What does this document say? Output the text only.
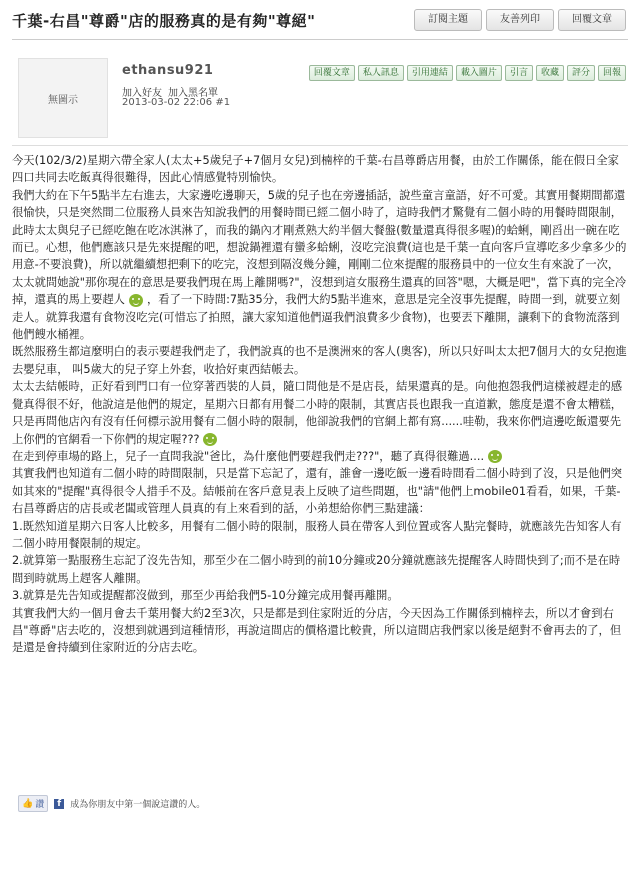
千葉-右昌"尊爵"店的服務真的是有夠"尊絕"	訂閱主題	友善列印	回覆文章
無圖示
ethansu921
加入好友 加入黑名單
2013-03-02 22:06 #1
回覆文章	私人訊息	引用連結	載入圖片	引言	收藏	評分	回報

今天(102/3/2)星期六帶全家人(太太+5歲兒子+7個月女兒)到楠梓的千葉-右昌尊爵店用餐，由於工作關係，能在假日全家四口共同去吃飯真得很難得，因此心情感覺特別愉快。

我們大約在下午5點半左右進去，大家邊吃邊聊天，5歲的兒子也在旁邊插話，說些童言童語，好不可愛。其實用餐期間都還很愉快，只是突然間二位服務人員來告知說我們的用餐時間已經二個小時了，這時我們才驚覺有二個小時的用餐時間限制，此時太太與兒子已經吃飽在吃冰淇淋了，而我的鍋內才剛煮熟大約半個大餐盤(數量還真得很多喔)的蛤蜊，剛舀出一碗在吃而已。心想，他們應該只是先來提醒的吧，想說鍋裡還有蠻多蛤蜊，沒吃完浪費(這也是千葉一直向客戶宣導吃多少拿多少的用意-不要浪費)，所以就繼續想把剩下的吃完，沒想到隔沒幾分鐘，剛剛二位來提醒的服務員中的一位女生有來說了一次，太太就問她說"那你現在的意思是要我們現在馬上離開嗎?"，沒想到這女服務生還真的回答"嗯，大概是吧"，當下真的完全冷掉，還真的馬上要趕人 ，看了一下時間:7點35分，我們大約5點半進來，意思是完全沒事先提醒，時間一到，就要立刻走人。就算我還有食物沒吃完(可惜忘了拍照，讓大家知道他們逼我們浪費多少食物)，也要丟下離開，讓剩下的食物流落到他們餿水桶裡。

既然服務生都這麼明白的表示要趕我們走了，我們說真的也不是澳洲來的客人(奧客)，所以只好叫太太把7個月大的女兒抱進去嬰兒車， 叫5歲大的兒子穿上外套，收拾好東西結帳去。

太太去結帳時，正好看到門口有一位穿著西裝的人員，隨口問他是不是店長，結果還真的是。向他抱怨我們這樣被趕走的感覺真得很不好，他說這是他們的規定，星期六日都有用餐二小時的限制，其實店長也跟我一直道歉，態度是還不會太糟糕，只是再問他店內有沒有任何標示說用餐有二個小時的限制，他卻說我們的官網上都有寫......哇勒，我來你們這邊吃飯還要先上你們的官網看一下你們的規定喔???

在走到停車場的路上，兒子一直問我說"爸比，為什麼他們要趕我們走???"，聽了真得很難過....

其實我們也知道有二個小時的時間限制，只是當下忘記了，還有，誰會一邊吃飯一邊看時間看二個小時到了沒，只是他們突如其來的"提醒"真得很令人措手不及。結帳前在客戶意見表上反映了這些問題，也"請"他們上mobile01看看，如果，千葉-右昌尊爵店的店長或老闆或管理人員真的有上來看到的話，小弟想給你們三點建議：

1.既然知道星期六日客人比較多，用餐有二個小時的限制，服務人員在帶客人到位置或客人點完餐時，就應該先告知客人有二個小時用餐限制的規定。

2.就算第一點服務生忘記了沒先告知，那至少在二個小時到的前10分鐘或20分鐘就應該先提醒客人時間快到了;而不是在時間到時就馬上趕客人離開。

3.就算是先告知或提醒都沒做到，那至少再給我們5-10分鐘完成用餐再離開。

其實我們大約一個月會去千葉用餐大約2至3次，只是都是到住家附近的分店，今天因為工作關係到楠梓去，所以才會到右昌"尊爵"店去吃的，沒想到就遇到這種情形，再說這間店的價格還比較貴，所以這間店我們家以後是絕對不會再去的了，但是還是會持續到住家附近的分店去吃。

👍 讚	f	成為你朋友中第一個說這讚的人。
